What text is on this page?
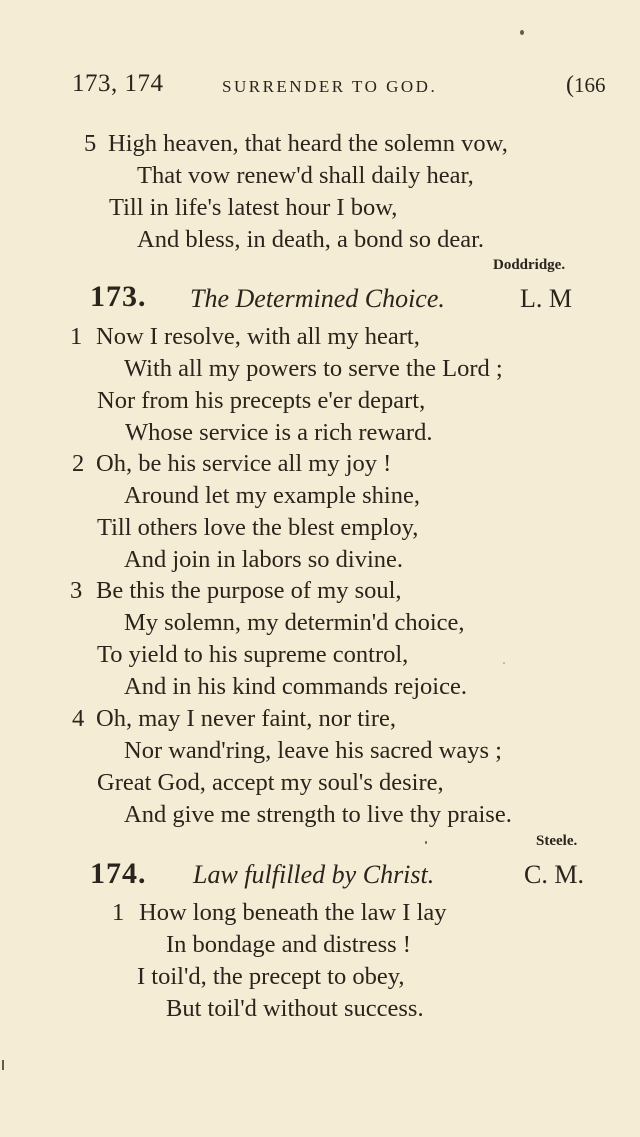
173, 174	SURRENDER TO GOD.	(166
5 High heaven, that heard the solemn vow,
That vow renew'd shall daily hear,
Till in life's latest hour I bow,
And bless, in death, a bond so dear.
Doddridge.
173. The Determined Choice.	L. M
1 Now I resolve, with all my heart,
With all my powers to serve the Lord ;
Nor from his precepts e'er depart,
Whose service is a rich reward.
2 Oh, be his service all my joy !
Around let my example shine,
Till others love the blest employ,
And join in labors so divine.
3 Be this the purpose of my soul,
My solemn, my determin'd choice,
To yield to his supreme control,
And in his kind commands rejoice.
4 Oh, may I never faint, nor tire,
Nor wand'ring, leave his sacred ways ;
Great God, accept my soul's desire,
And give me strength to live thy praise.
Steele.
174. Law fulfilled by Christ.	C. M.
1 How long beneath the law I lay
In bondage and distress !
I toil'd, the precept to obey,
But toil'd without success.
